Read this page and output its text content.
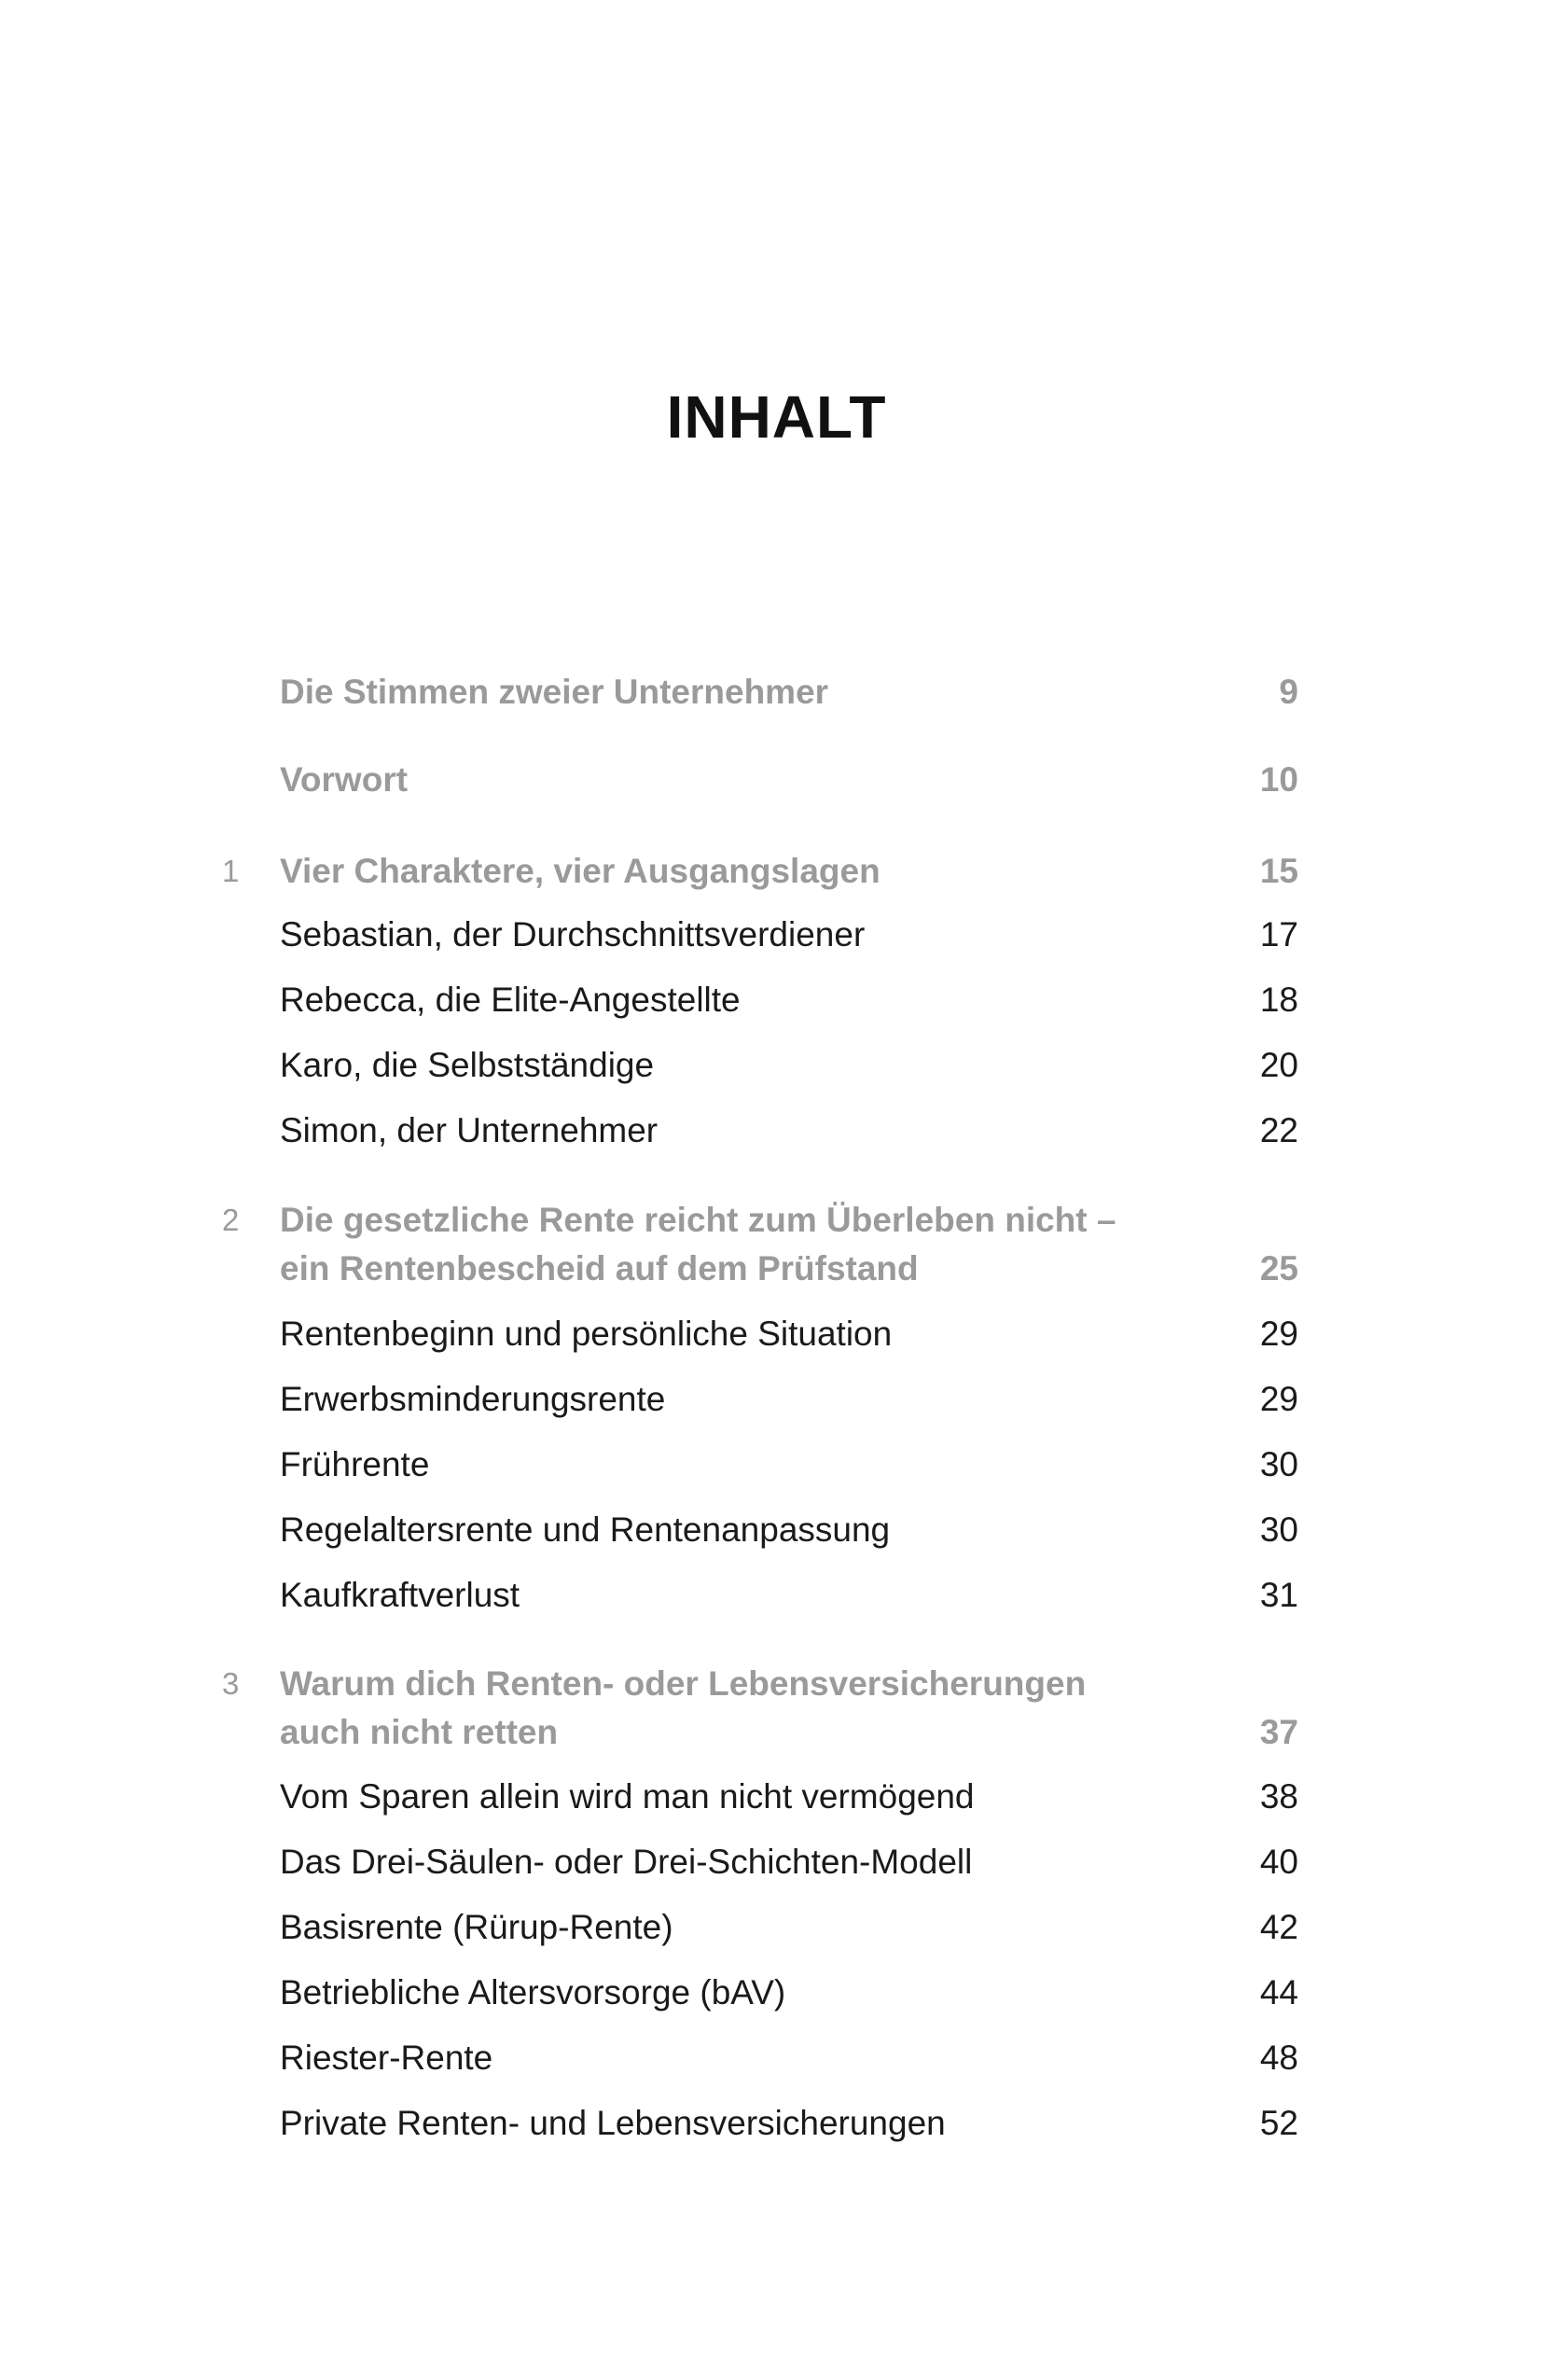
INHALT
Die Stimmen zweier Unternehmer	9
Vorwort	10
1 Vier Charaktere, vier Ausgangslagen	15
Sebastian, der Durchschnittsverdiener	17
Rebecca, die Elite-Angestellte	18
Karo, die Selbstständige	20
Simon, der Unternehmer	22
2 Die gesetzliche Rente reicht zum Überleben nicht –
ein Rentenbescheid auf dem Prüfstand	25
Rentenbeginn und persönliche Situation	29
Erwerbsminderungsrente	29
Frührente	30
Regelaltersrente und Rentenanpassung	30
Kaufkraftverlust	31
3 Warum dich Renten- oder Lebensversicherungen
auch nicht retten	37
Vom Sparen allein wird man nicht vermögend	38
Das Drei-Säulen- oder Drei-Schichten-Modell	40
Basisrente (Rürup-Rente)	42
Betriebliche Altersvorsorge (bAV)	44
Riester-Rente	48
Private Renten- und Lebensversicherungen	52
